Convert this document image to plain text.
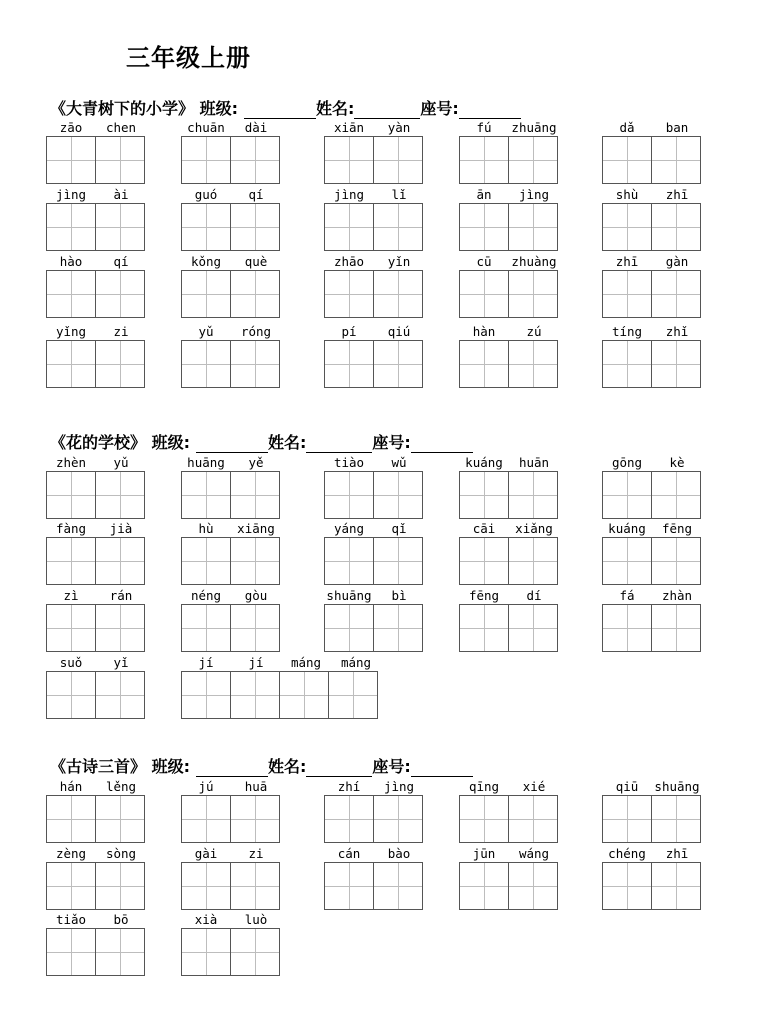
三年级上册
《大青树下的小学》 班级:	姓名:	座号:
zāo	chen	chuān	dài	xiān	yàn	fú	zhuāng	dǎ	ban
jìng	ài	guó	qí	jìng	lǐ	ān	jìng	shù	zhī
hào	qí	kǒng	què	zhāo	yǐn	cū	zhuàng	zhī	gàn
yǐng	zi	yǔ	róng	pí	qiú	hàn	zú	tíng	zhǐ
《花的学校》 班级:	姓名:	座号:
zhèn	yǔ	huāng	yě	tiào	wǔ	kuáng	huān	gōng	kè
fàng	jià	hù	xiāng	yáng	qǐ	cāi	xiǎng	kuáng	fēng
zì	rán	néng	gòu	shuāng	bì	fēng	dí	fá	zhàn
suǒ	yǐ	jí	jí	máng	máng
《古诗三首》 班级:	姓名:	座号:
hán	lěng	jú	huā	zhí	jìng	qīng	xié	qiū	shuāng
zèng	sòng	gài	zi	cán	bào	jūn	wáng	chéng	zhī
tiǎo	bō	xià	luò
